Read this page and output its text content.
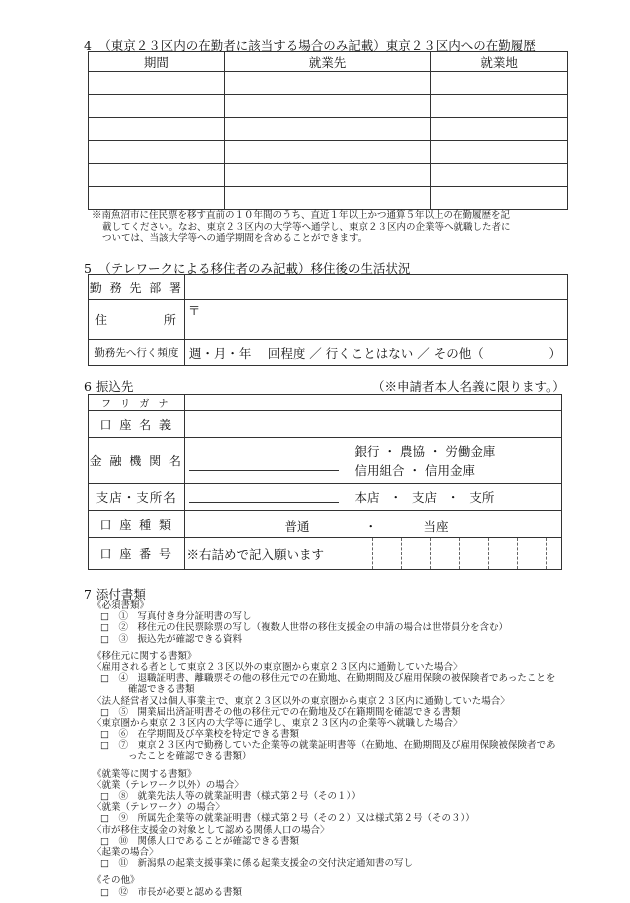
4　（東京２３区内の在勤者に該当する場合のみ記載）東京２３区内への在勤履歴
期間	就業先	就業地

※南魚沼市に住民票を移す直前の１０年間のうち、直近１年以上かつ通算５年以上の在勤履歴を記
載してください。なお、東京２３区内の大学等へ通学し、東京２３区内の企業等へ就職した者に
ついては、当該大学等への通学期間を含めることができます。
5　（テレワークによる移住者のみ記載）移住後の生活状況
勤 務 先 部 署	

住 所	〒
勤務先へ行く頻度	週・月・年　 回程度 ／ 行くことはない ／ その他（ ）
6 振込先	（※申請者本人名義に限ります。）
フ リ ガ ナ	
口 座 名 義	
金 融 機 関 名	銀行 ・ 農協 ・ 労働金庫
信用組合 ・ 信用金庫

支店・支所名	本店 ・ 支店 ・ 支所

口 座 種 類	普通 ・ 当座

口 座 番 号	※右詰めで記入願います
7 添付書類
《必須書類》
□　①　写真付き身分証明書の写し
□　②　移住元の住民票除票の写し（複数人世帯の移住支援金の申請の場合は世帯員分を含む）
□　③　振込先が確認できる資料
《移住元に関する書類》
〈雇用される者として東京２３区以外の東京圏から東京２３区内に通勤していた場合〉
□　④　退職証明書、離職票その他の移住元での在勤地、在勤期間及び雇用保険の被保険者であったことを
確認できる書類
〈法人経営者又は個人事業主で、東京２３区以外の東京圏から東京２３区内に通勤していた場合〉
□　⑤　開業届出済証明書その他の移住元での在勤地及び在籍期間を確認できる書類
〈東京圏から東京２３区内の大学等に通学し、東京２３区内の企業等へ就職した場合〉
□　⑥　在学期間及び卒業校を特定できる書類
□　⑦　東京２３区内で勤務していた企業等の就業証明書等（在勤地、在勤期間及び雇用保険被保険者であ
ったことを確認できる書類）
《就業等に関する書類》
〈就業（テレワーク以外）の場合〉
□　⑧　就業先法人等の就業証明書（様式第２号（その１））
〈就業（テレワーク）の場合〉
□　⑨　所属先企業等の就業証明書（様式第２号（その２）又は様式第２号（その３））
〈市が移住支援金の対象として認める関係人口の場合〉
□　⑩　関係人口であることが確認できる書類
〈起業の場合〉
□　⑪　新潟県の起業支援事業に係る起業支援金の交付決定通知書の写し
《その他》
□　⑫　市長が必要と認める書類
